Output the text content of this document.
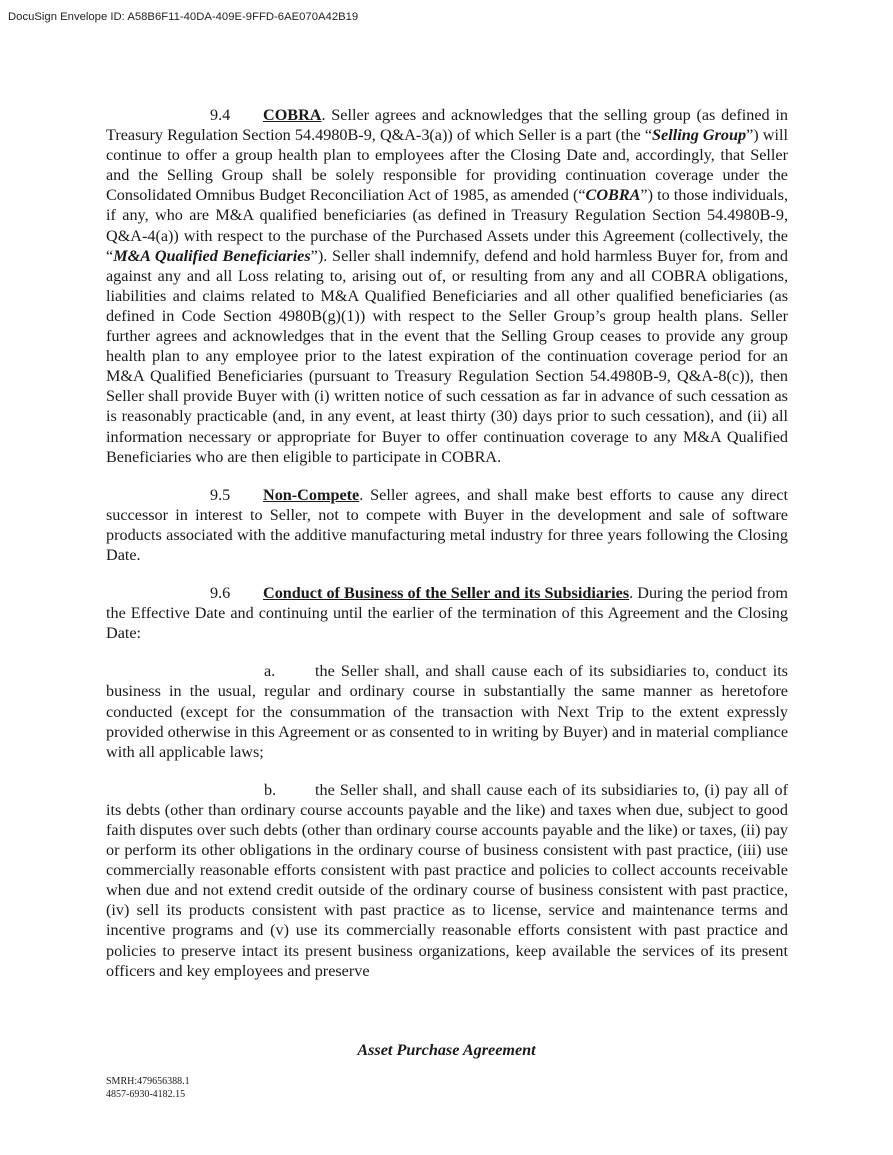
DocuSign Envelope ID: A58B6F11-40DA-409E-9FFD-6AE070A42B19

9.4 COBRA. Seller agrees and acknowledges that the selling group (as defined in Treasury Regulation Section 54.4980B-9, Q&A-3(a)) of which Seller is a part (the “Selling Group”) will continue to offer a group health plan to employees after the Closing Date and, accordingly, that Seller and the Selling Group shall be solely responsible for providing continuation coverage under the Consolidated Omnibus Budget Reconciliation Act of 1985, as amended (“COBRA”) to those individuals, if any, who are M&A qualified beneficiaries (as defined in Treasury Regulation Section 54.4980B-9, Q&A-4(a)) with respect to the purchase of the Purchased Assets under this Agreement (collectively, the “M&A Qualified Beneficiaries”). Seller shall indemnify, defend and hold harmless Buyer for, from and against any and all Loss relating to, arising out of, or resulting from any and all COBRA obligations, liabilities and claims related to M&A Qualified Beneficiaries and all other qualified beneficiaries (as defined in Code Section 4980B(g)(1)) with respect to the Seller Group’s group health plans. Seller further agrees and acknowledges that in the event that the Selling Group ceases to provide any group health plan to any employee prior to the latest expiration of the continuation coverage period for an M&A Qualified Beneficiaries (pursuant to Treasury Regulation Section 54.4980B-9, Q&A-8(c)), then Seller shall provide Buyer with (i) written notice of such cessation as far in advance of such cessation as is reasonably practicable (and, in any event, at least thirty (30) days prior to such cessation), and (ii) all information necessary or appropriate for Buyer to offer continuation coverage to any M&A Qualified Beneficiaries who are then eligible to participate in COBRA.

9.5 Non-Compete. Seller agrees, and shall make best efforts to cause any direct successor in interest to Seller, not to compete with Buyer in the development and sale of software products associated with the additive manufacturing metal industry for three years following the Closing Date.

9.6 Conduct of Business of the Seller and its Subsidiaries. During the period from the Effective Date and continuing until the earlier of the termination of this Agreement and the Closing Date:

a. the Seller shall, and shall cause each of its subsidiaries to, conduct its business in the usual, regular and ordinary course in substantially the same manner as heretofore conducted (except for the consummation of the transaction with Next Trip to the extent expressly provided otherwise in this Agreement or as consented to in writing by Buyer) and in material compliance with all applicable laws;

b. the Seller shall, and shall cause each of its subsidiaries to, (i) pay all of its debts (other than ordinary course accounts payable and the like) and taxes when due, subject to good faith disputes over such debts (other than ordinary course accounts payable and the like) or taxes, (ii) pay or perform its other obligations in the ordinary course of business consistent with past practice, (iii) use commercially reasonable efforts consistent with past practice and policies to collect accounts receivable when due and not extend credit outside of the ordinary course of business consistent with past practice, (iv) sell its products consistent with past practice as to license, service and maintenance terms and incentive programs and (v) use its commercially reasonable efforts consistent with past practice and policies to preserve intact its present business organizations, keep available the services of its present officers and key employees and preserve

Asset Purchase Agreement
SMRH:479656388.1
4857-6930-4182.15
